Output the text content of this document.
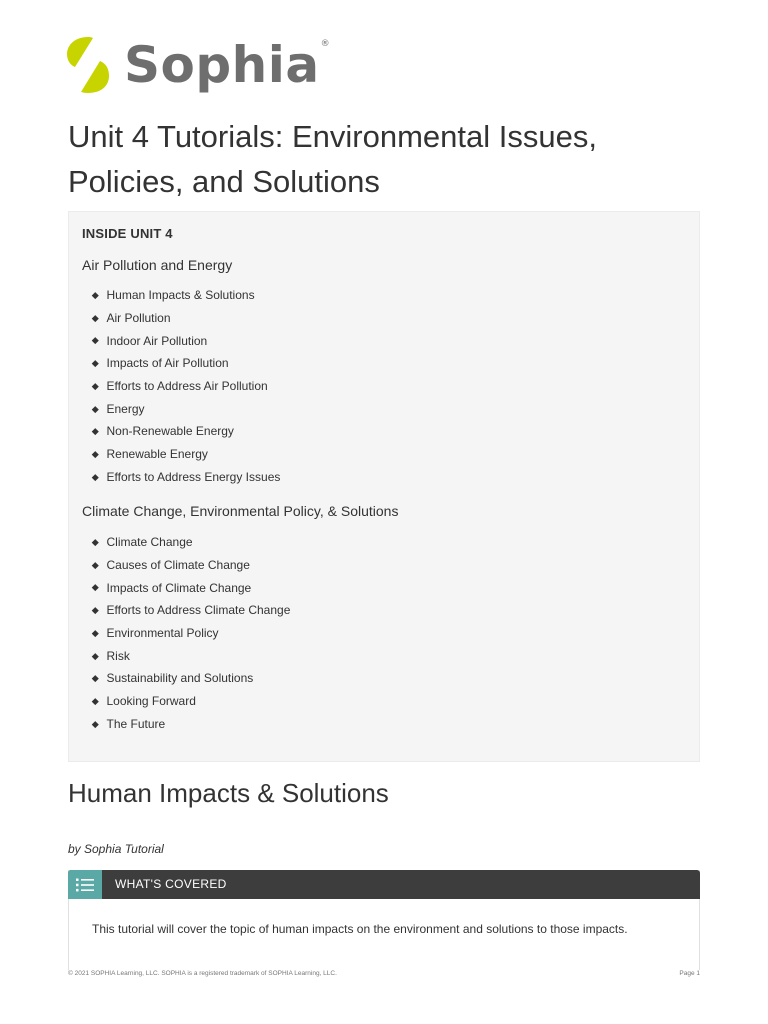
Sophia®
Unit 4 Tutorials: Environmental Issues, Policies, and Solutions
INSIDE UNIT 4
Air Pollution and Energy
Human Impacts & Solutions
Air Pollution
Indoor Air Pollution
Impacts of Air Pollution
Efforts to Address Air Pollution
Energy
Non-Renewable Energy
Renewable Energy
Efforts to Address Energy Issues
Climate Change, Environmental Policy, & Solutions
Climate Change
Causes of Climate Change
Impacts of Climate Change
Efforts to Address Climate Change
Environmental Policy
Risk
Sustainability and Solutions
Looking Forward
The Future
Human Impacts & Solutions
by Sophia Tutorial
WHAT'S COVERED
This tutorial will cover the topic of human impacts on the environment and solutions to those impacts.
© 2021 SOPHIA Learning, LLC. SOPHIA is a registered trademark of SOPHIA Learning, LLC.	Page 1
